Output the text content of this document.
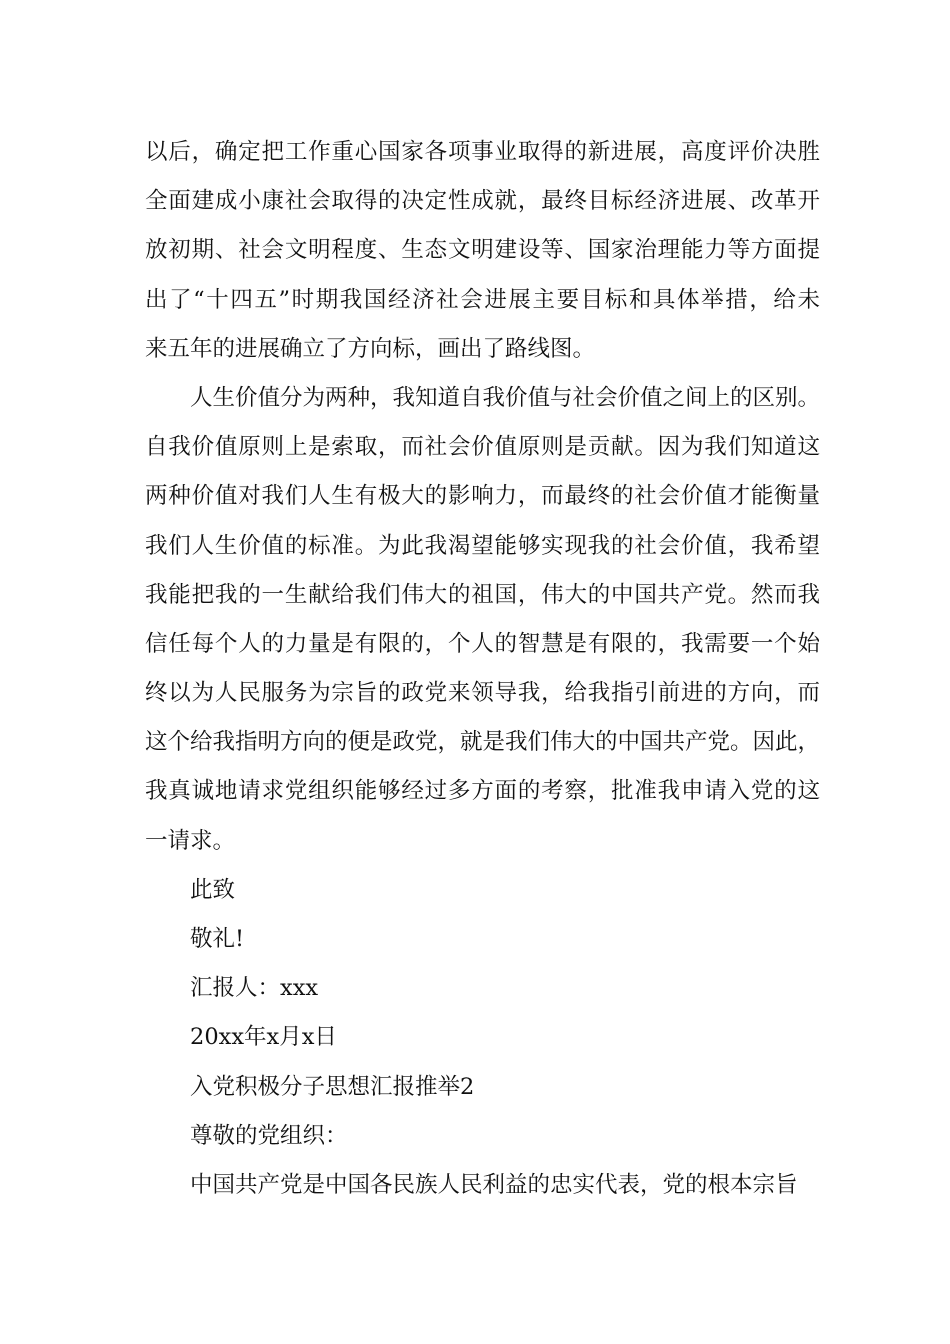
以后，确定把工作重心国家各项事业取得的新进展，高度评价决胜
全面建成小康社会取得的决定性成就，最终目标经济进展、改革开
放初期、社会文明程度、生态文明建设等、国家治理能力等方面提
出了“十四五”时期我国经济社会进展主要目标和具体举措，给未
来五年的进展确立了方向标，画出了路线图。
人生价值分为两种，我知道自我价值与社会价值之间上的区别。
自我价值原则上是索取，而社会价值原则是贡献。因为我们知道这
两种价值对我们人生有极大的影响力，而最终的社会价值才能衡量
我们人生价值的标准。为此我渴望能够实现我的社会价值，我希望
我能把我的一生献给我们伟大的祖国，伟大的中国共产党。然而我
信任每个人的力量是有限的，个人的智慧是有限的，我需要一个始
终以为人民服务为宗旨的政党来领导我，给我指引前进的方向，而
这个给我指明方向的便是政党，就是我们伟大的中国共产党。因此，
我真诚地请求党组织能够经过多方面的考察，批准我申请入党的这
一请求。
此致
敬礼!
汇报人：xxx
20xx年x月x日
入党积极分子思想汇报推举2
尊敬的党组织：
中国共产党是中国各民族人民利益的忠实代表，党的根本宗旨
